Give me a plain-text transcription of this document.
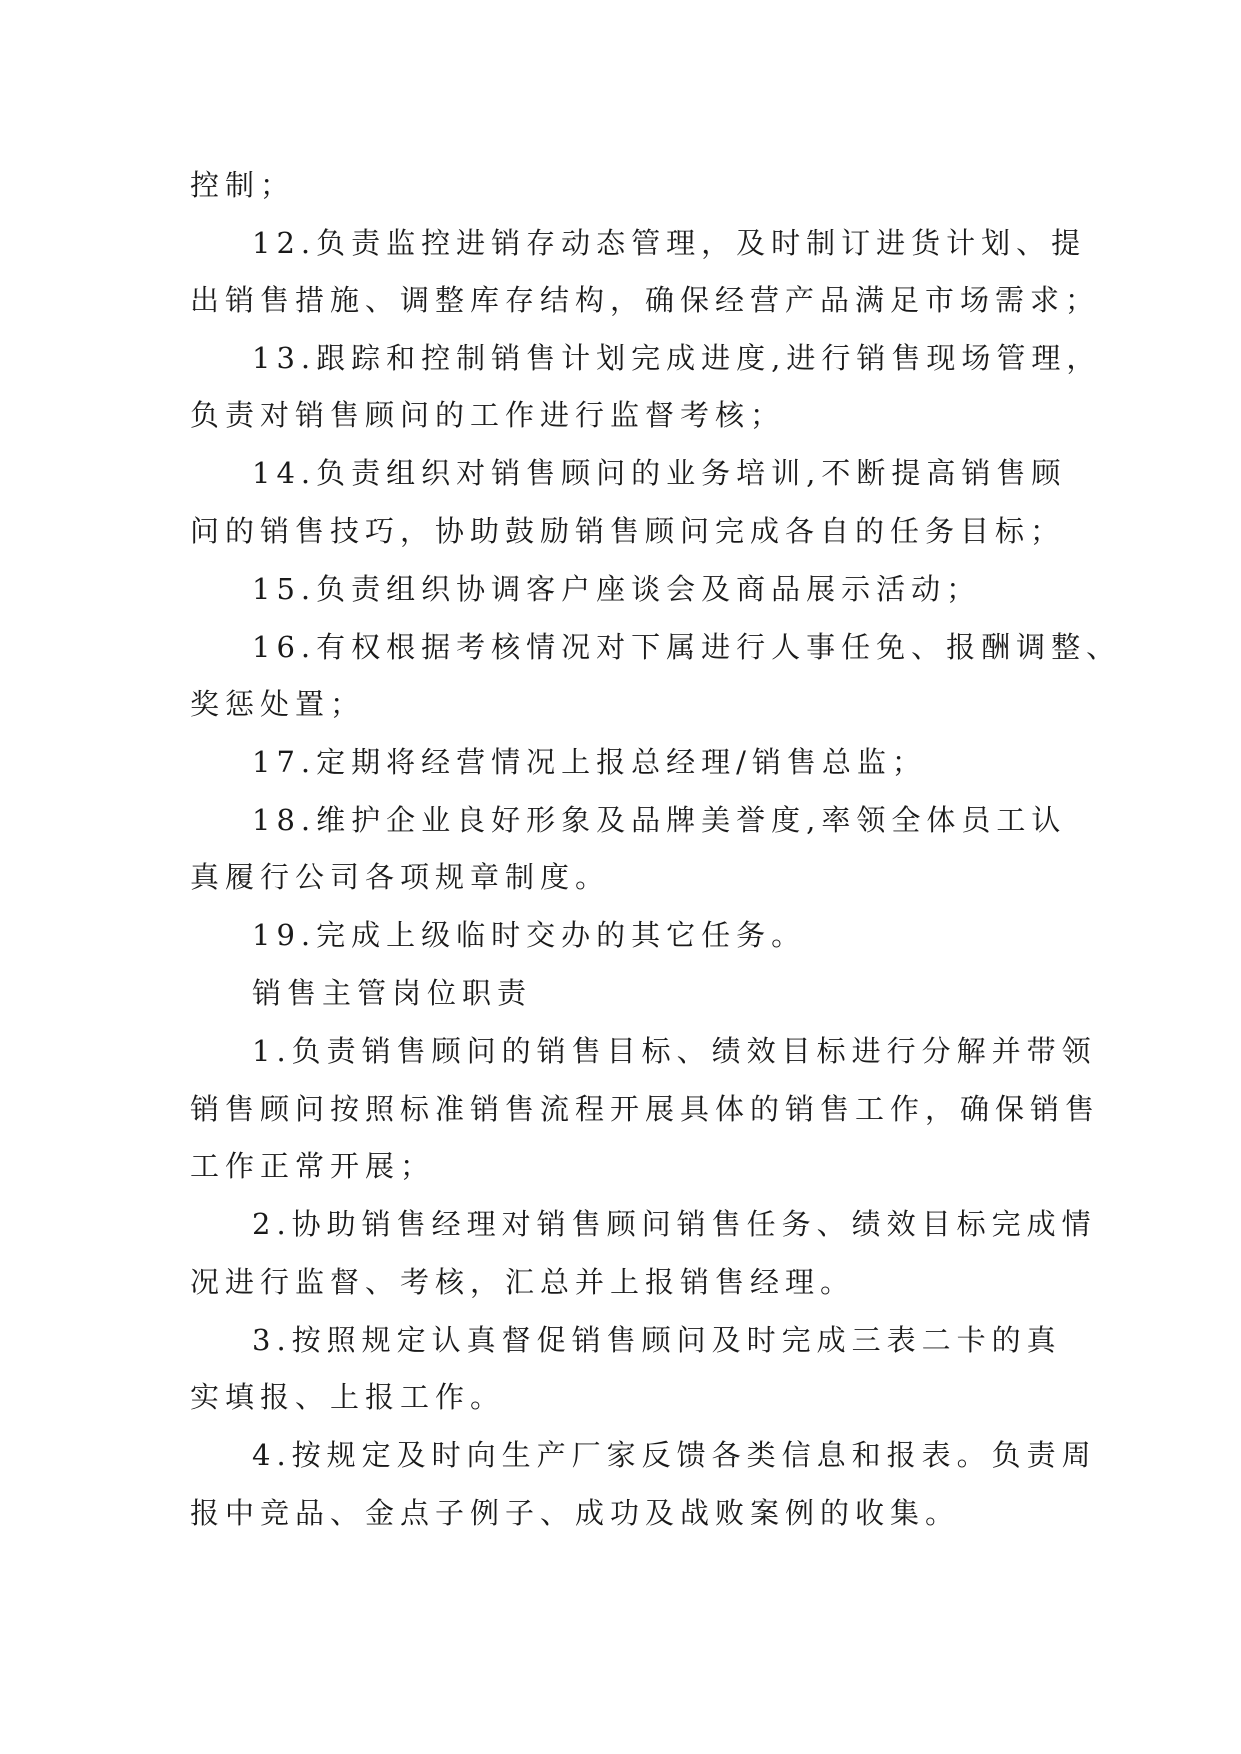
控制；
12.负责监控进销存动态管理，及时制订进货计划、提
出销售措施、调整库存结构，确保经营产品满足市场需求；
13.跟踪和控制销售计划完成进度,进行销售现场管理，
负责对销售顾问的工作进行监督考核；
14.负责组织对销售顾问的业务培训,不断提高销售顾
问的销售技巧，协助鼓励销售顾问完成各自的任务目标；
15.负责组织协调客户座谈会及商品展示活动；
16.有权根据考核情况对下属进行人事任免、报酬调整、
奖惩处置；
17.定期将经营情况上报总经理/销售总监；
18.维护企业良好形象及品牌美誉度,率领全体员工认
真履行公司各项规章制度。
19.完成上级临时交办的其它任务。
销售主管岗位职责
1.负责销售顾问的销售目标、绩效目标进行分解并带领
销售顾问按照标准销售流程开展具体的销售工作，确保销售
工作正常开展；
2.协助销售经理对销售顾问销售任务、绩效目标完成情
况进行监督、考核，汇总并上报销售经理。
3.按照规定认真督促销售顾问及时完成三表二卡的真
实填报、上报工作。
4.按规定及时向生产厂家反馈各类信息和报表。负责周
报中竞品、金点子例子、成功及战败案例的收集。
